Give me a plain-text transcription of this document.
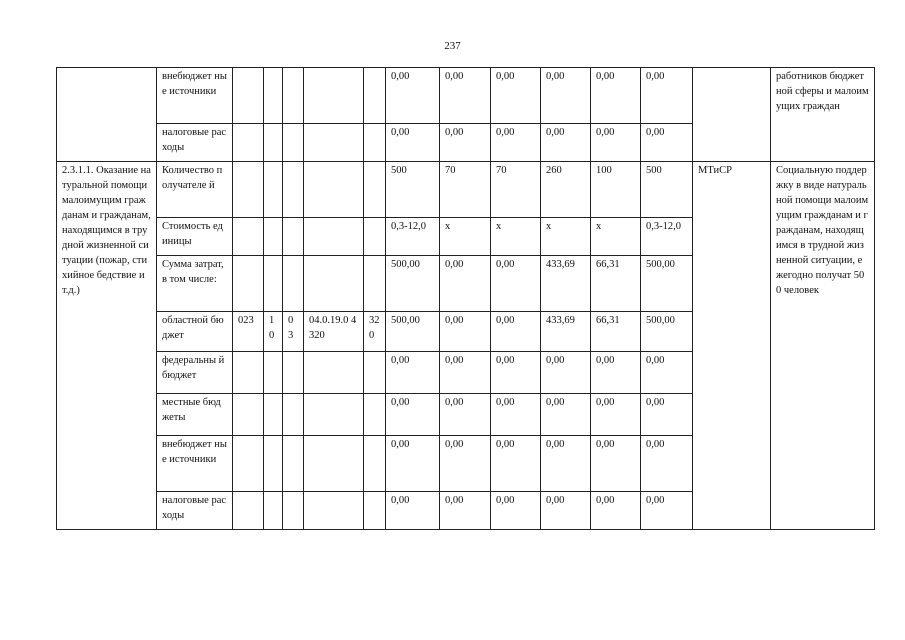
237
	внебюджет ные источники						0,00	0,00	0,00	0,00	0,00	0,00		работников бюджетной сферы и малоимущих граждан
	налоговые расходы						0,00	0,00	0,00	0,00	0,00	0,00		
2.3.1.1. Оказание натуральной помощи малоимущим гражданам и гражданам, находящимся в трудной жизненной ситуации (пожар, стихийное бедствие и т.д.)	Количество получателе й						500	70	70	260	100	500	МТиСР	Социальную поддержку в виде натуральной помощи малоимущим гражданам и гражданам, находящимся в трудной жизненной ситуации, ежегодно получат 500 человек
	Стоимость единицы						0,3-12,0	х	х	х	х	0,3-12,0		
	Сумма затрат, в том числе:						500,00	0,00	0,00	433,69	66,31	500,00		
	областной бюджет	023	1 0	0 3	04.0.19.0 4320	32 0	500,00	0,00	0,00	433,69	66,31	500,00		
	федеральны й бюджет						0,00	0,00	0,00	0,00	0,00	0,00		
	местные бюджеты						0,00	0,00	0,00	0,00	0,00	0,00		
	внебюджет ные источники						0,00	0,00	0,00	0,00	0,00	0,00		
	налоговые расходы						0,00	0,00	0,00	0,00	0,00	0,00		
